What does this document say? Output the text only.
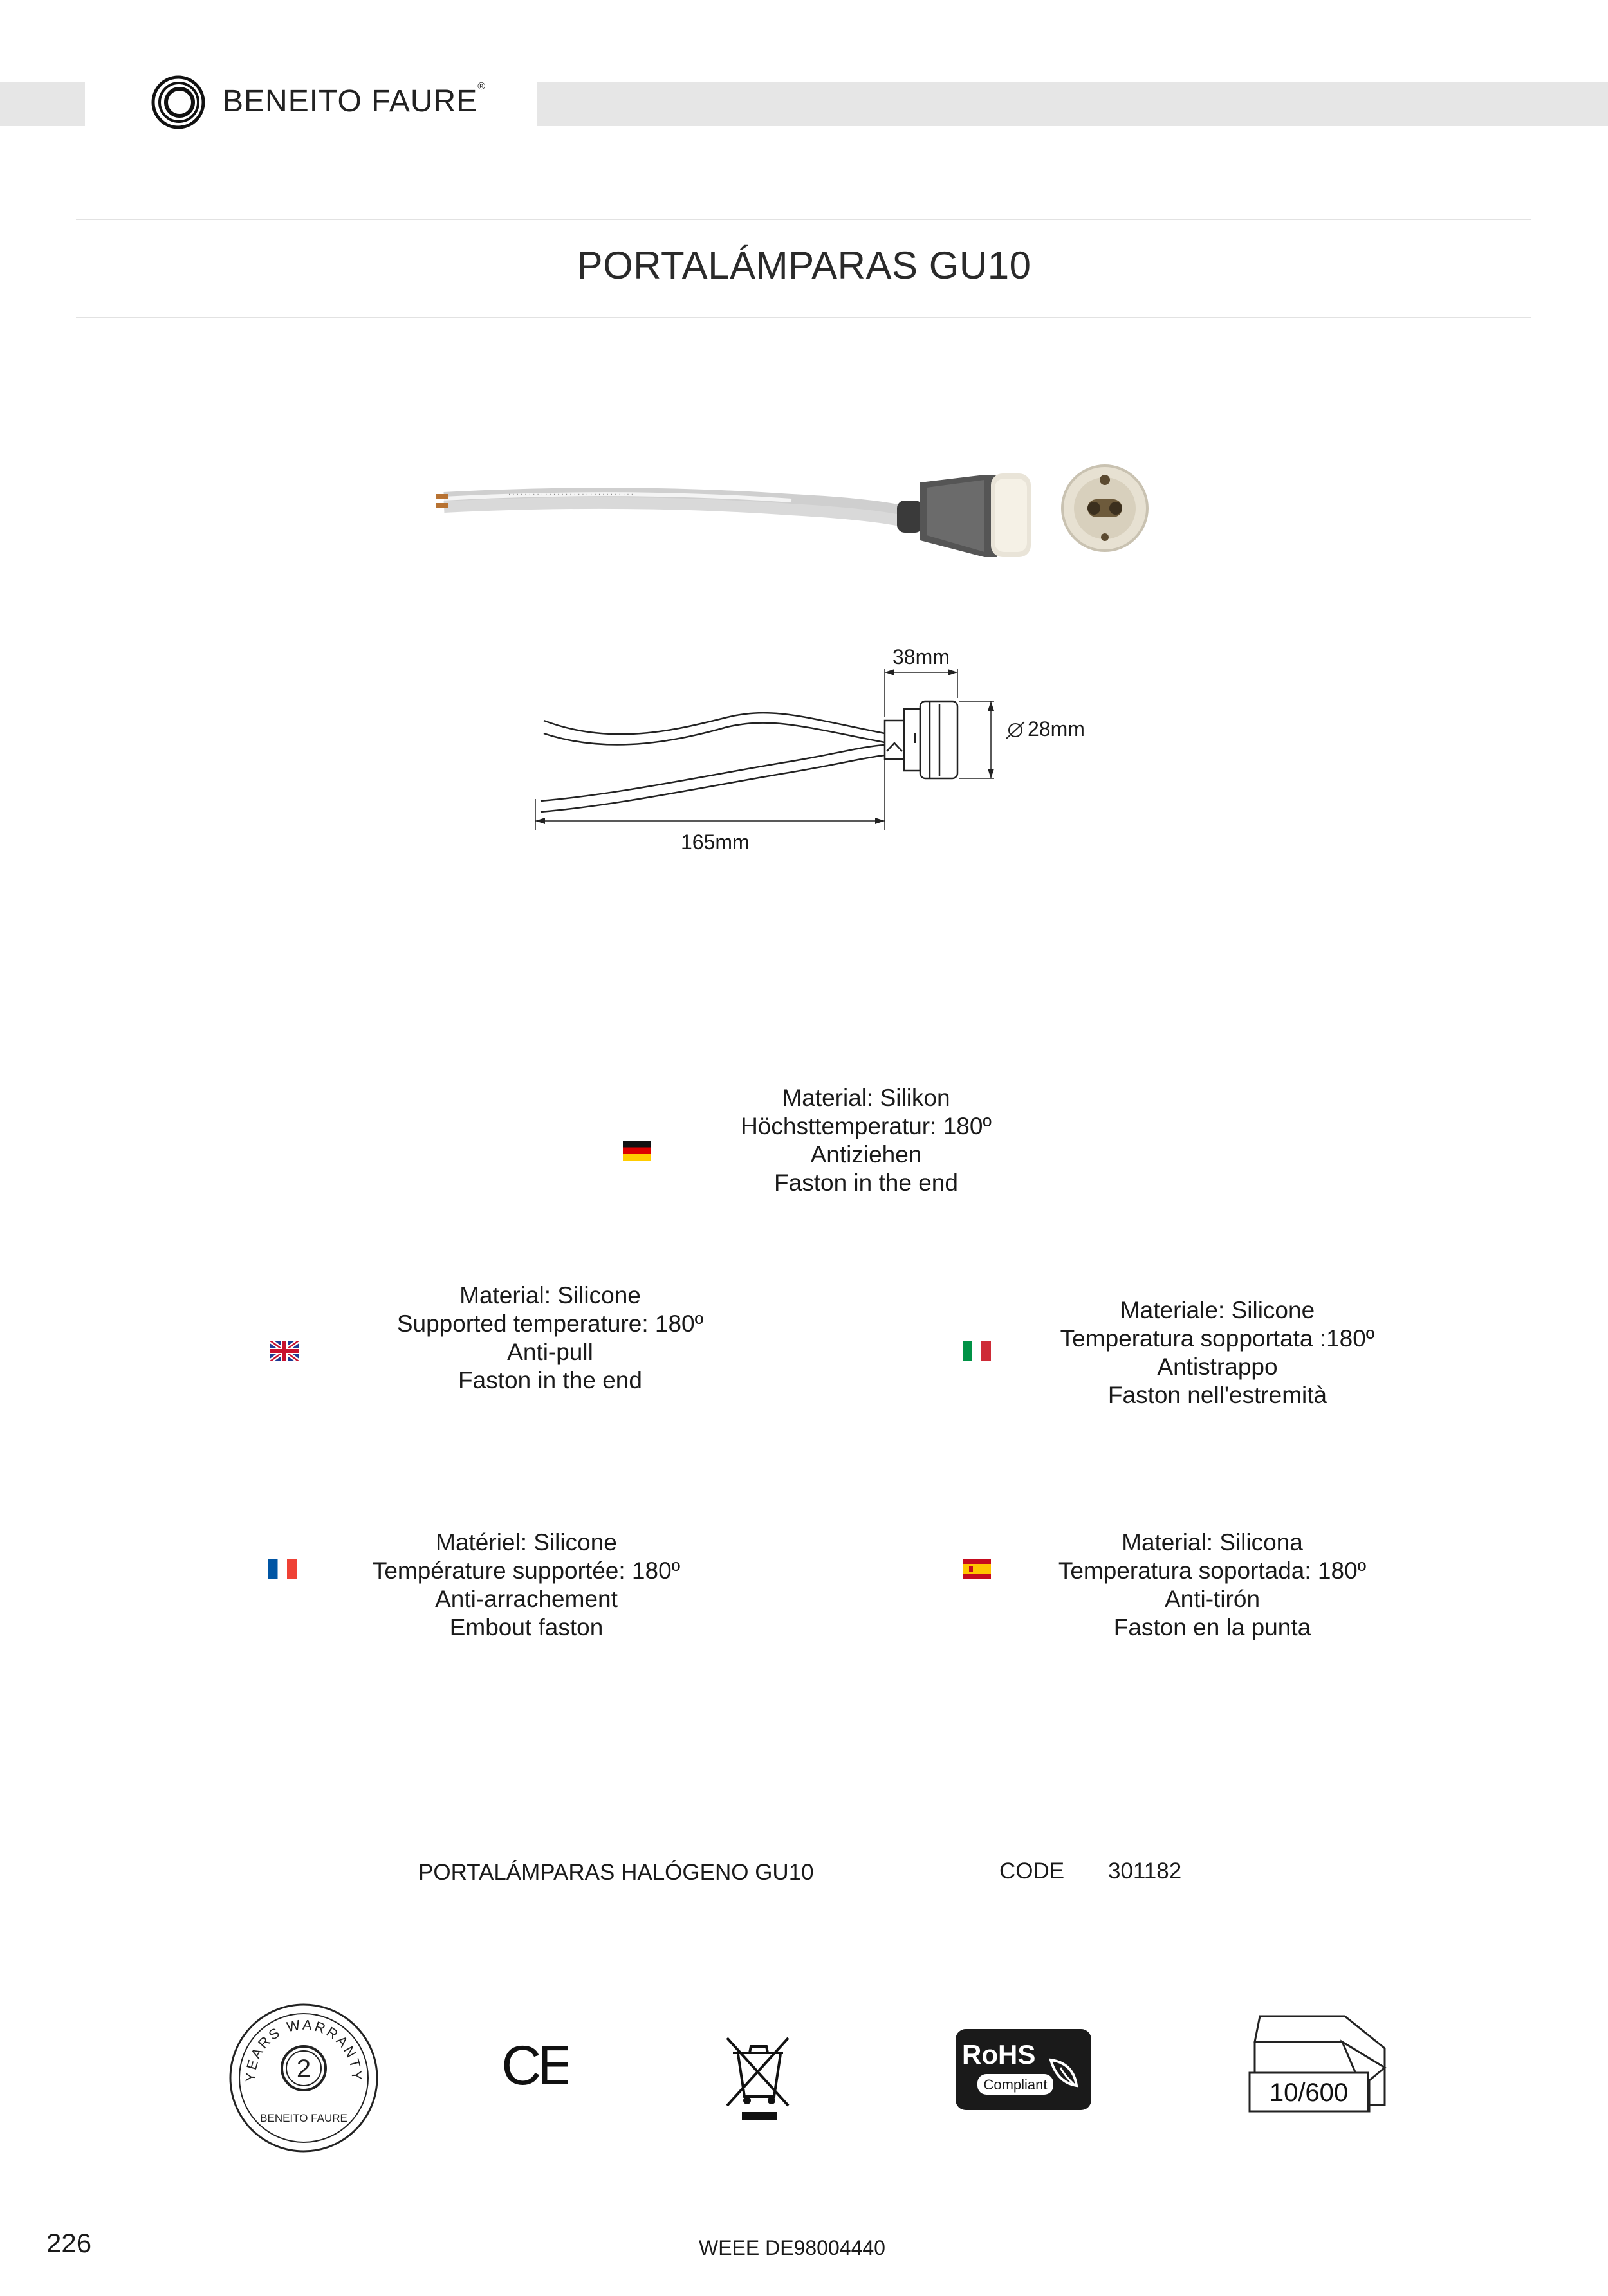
BENEITO FAURE®
PORTALÁMPARAS GU10
· · · · · · · · · · · · · · · · · · · · · · · · · · · · · · ·
38mm
28mm
165mm
Material: Silikon
Höchsttemperatur: 180º
Antiziehen
Faston in the end
Material: Silicone
Supported temperature: 180º
Anti-pull
Faston in the end
Materiale: Silicone
Temperatura sopportata :180º
Antistrappo
Faston nell'estremità
Matériel: Silicone
Température supportée: 180º
Anti-arrachement
Embout faston
Material: Silicona
Temperatura soportada: 180º
Anti-tirón
Faston en la punta
PORTALÁMPARAS HALÓGENO GU10	CODE 301182
YEARS WARRANTY
2
BENEITO FAURE
CE	RoHS
Compliant	10/600
226	WEEE DE98004440
